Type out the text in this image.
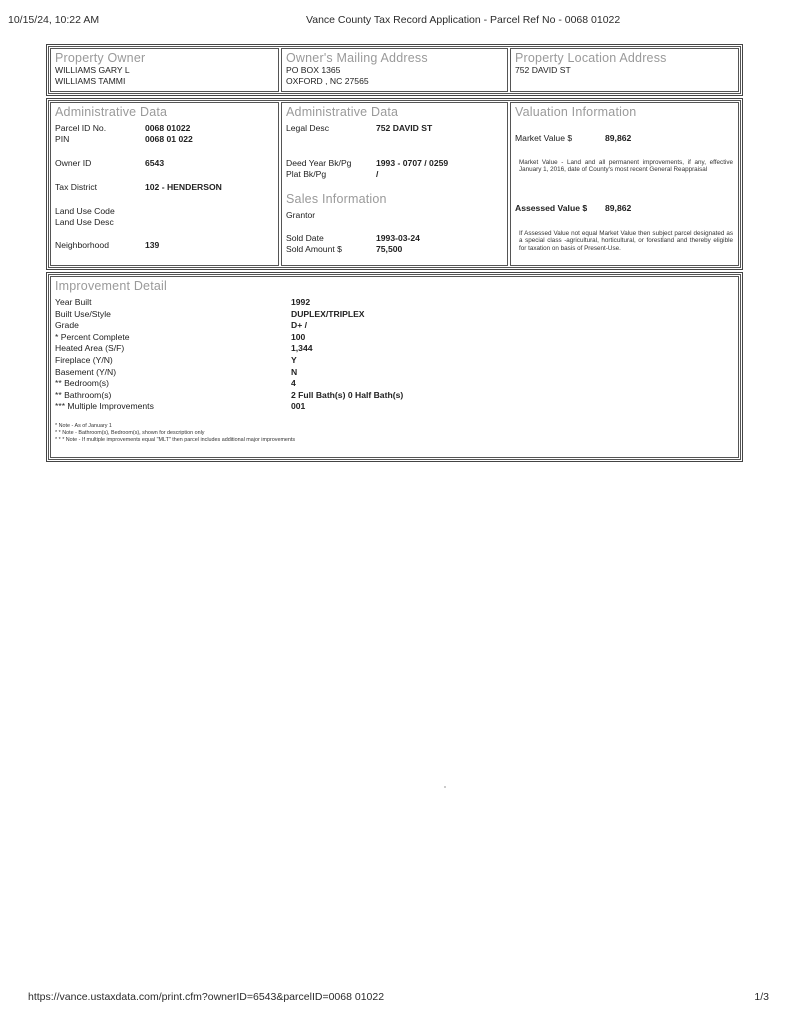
10/15/24, 10:22 AM	Vance County Tax Record Application - Parcel Ref No - 0068 01022
Property Owner
WILLIAMS GARY L
WILLIAMS TAMMI
Owner's Mailing Address
PO BOX 1365
OXFORD , NC 27565
Property Location Address
752 DAVID ST
Administrative Data
Parcel ID No.	0068 01022
PIN	0068 01 022
Owner ID	6543
Tax District	102 - HENDERSON
Land Use Code
Land Use Desc
Neighborhood	139
Administrative Data
Legal Desc	752 DAVID ST
Deed Year Bk/Pg	1993 - 0707 / 0259
Plat Bk/Pg	/
Sales Information
Grantor
Sold Date	1993-03-24
Sold Amount $	75,500
Valuation Information
Market Value $	89,862
Market Value - Land and all permanent improvements, if any, effective January 1, 2016, date of County's most recent General Reappraisal
Assessed Value $ 89,862
If Assessed Value not equal Market Value then subject parcel designated as a special class -agricultural, horticultural, or forestland and thereby eligible for taxation on basis of Present-Use.
Improvement Detail
Year Built	1992
Built Use/Style	DUPLEX/TRIPLEX
Grade	D+ /
* Percent Complete	100
Heated Area (S/F)	1,344
Fireplace (Y/N)	Y
Basement (Y/N)	N
** Bedroom(s)	4
** Bathroom(s)	2 Full Bath(s) 0 Half Bath(s)
*** Multiple Improvements	001
* Note - As of January 1
* * Note - Bathroom(s), Bedroom(s), shown for description only
* * * Note - If multiple improvements equal "MLT" then parcel includes additional major improvements
https://vance.ustaxdata.com/print.cfm?ownerID=6543&parcelID=0068 01022	1/3
